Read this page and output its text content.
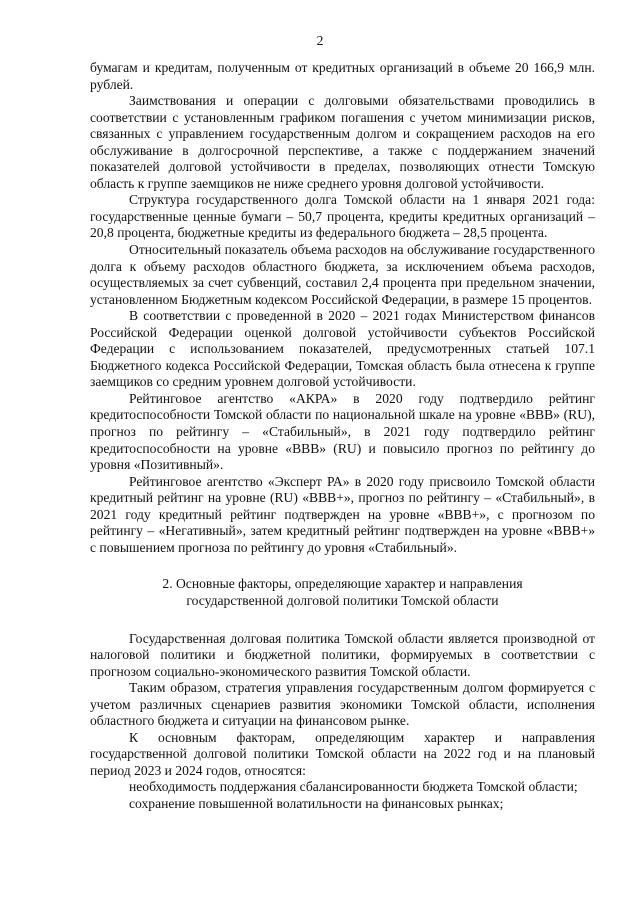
2

бумагам и кредитам, полученным от кредитных организаций в объеме 20 166,9 млн. рублей.

Заимствования и операции с долговыми обязательствами проводились в соответствии с установленным графиком погашения с учетом минимизации рисков, связанных с управлением государственным долгом и сокращением расходов на его обслуживание в долгосрочной перспективе, а также с поддержанием значений показателей долговой устойчивости в пределах, позволяющих отнести Томскую область к группе заемщиков не ниже среднего уровня долговой устойчивости.

Структура государственного долга Томской области на 1 января 2021 года: государственные ценные бумаги – 50,7 процента, кредиты кредитных организаций – 20,8 процента, бюджетные кредиты из федерального бюджета – 28,5 процента.

Относительный показатель объема расходов на обслуживание государственного долга к объему расходов областного бюджета, за исключением объема расходов, осуществляемых за счет субвенций, составил 2,4 процента при предельном значении, установленном Бюджетным кодексом Российской Федерации, в размере 15 процентов.

В соответствии с проведенной в 2020 – 2021 годах Министерством финансов Российской Федерации оценкой долговой устойчивости субъектов Российской Федерации с использованием показателей, предусмотренных статьей 107.1 Бюджетного кодекса Российской Федерации, Томская область была отнесена к группе заемщиков со средним уровнем долговой устойчивости.

Рейтинговое агентство «АКРА» в 2020 году подтвердило рейтинг кредитоспособности Томской области по национальной шкале на уровне «BBB» (RU), прогноз по рейтингу – «Стабильный», в 2021 году подтвердило рейтинг кредитоспособности на уровне «BBB» (RU) и повысило прогноз по рейтингу до уровня «Позитивный».

Рейтинговое агентство «Эксперт РА» в 2020 году присвоило Томской области кредитный рейтинг на уровне (RU) «BBB+», прогноз по рейтингу – «Стабильный», в 2021 году кредитный рейтинг подтвержден на уровне «BBB+», с прогнозом по рейтингу – «Негативный», затем кредитный рейтинг подтвержден на уровне «BBB+» с повышением прогноза по рейтингу до уровня «Стабильный».

2. Основные факторы, определяющие характер и направления
государственной долговой политики Томской области

Государственная долговая политика Томской области является производной от налоговой политики и бюджетной политики, формируемых в соответствии с прогнозом социально-экономического развития Томской области.

Таким образом, стратегия управления государственным долгом формируется с учетом различных сценариев развития экономики Томской области, исполнения областного бюджета и ситуации на финансовом рынке.

К основным факторам, определяющим характер и направления государственной долговой политики Томской области на 2022 год и на плановый период 2023 и 2024 годов, относятся:

необходимость поддержания сбалансированности бюджета Томской области;

сохранение повышенной волатильности на финансовых рынках;
